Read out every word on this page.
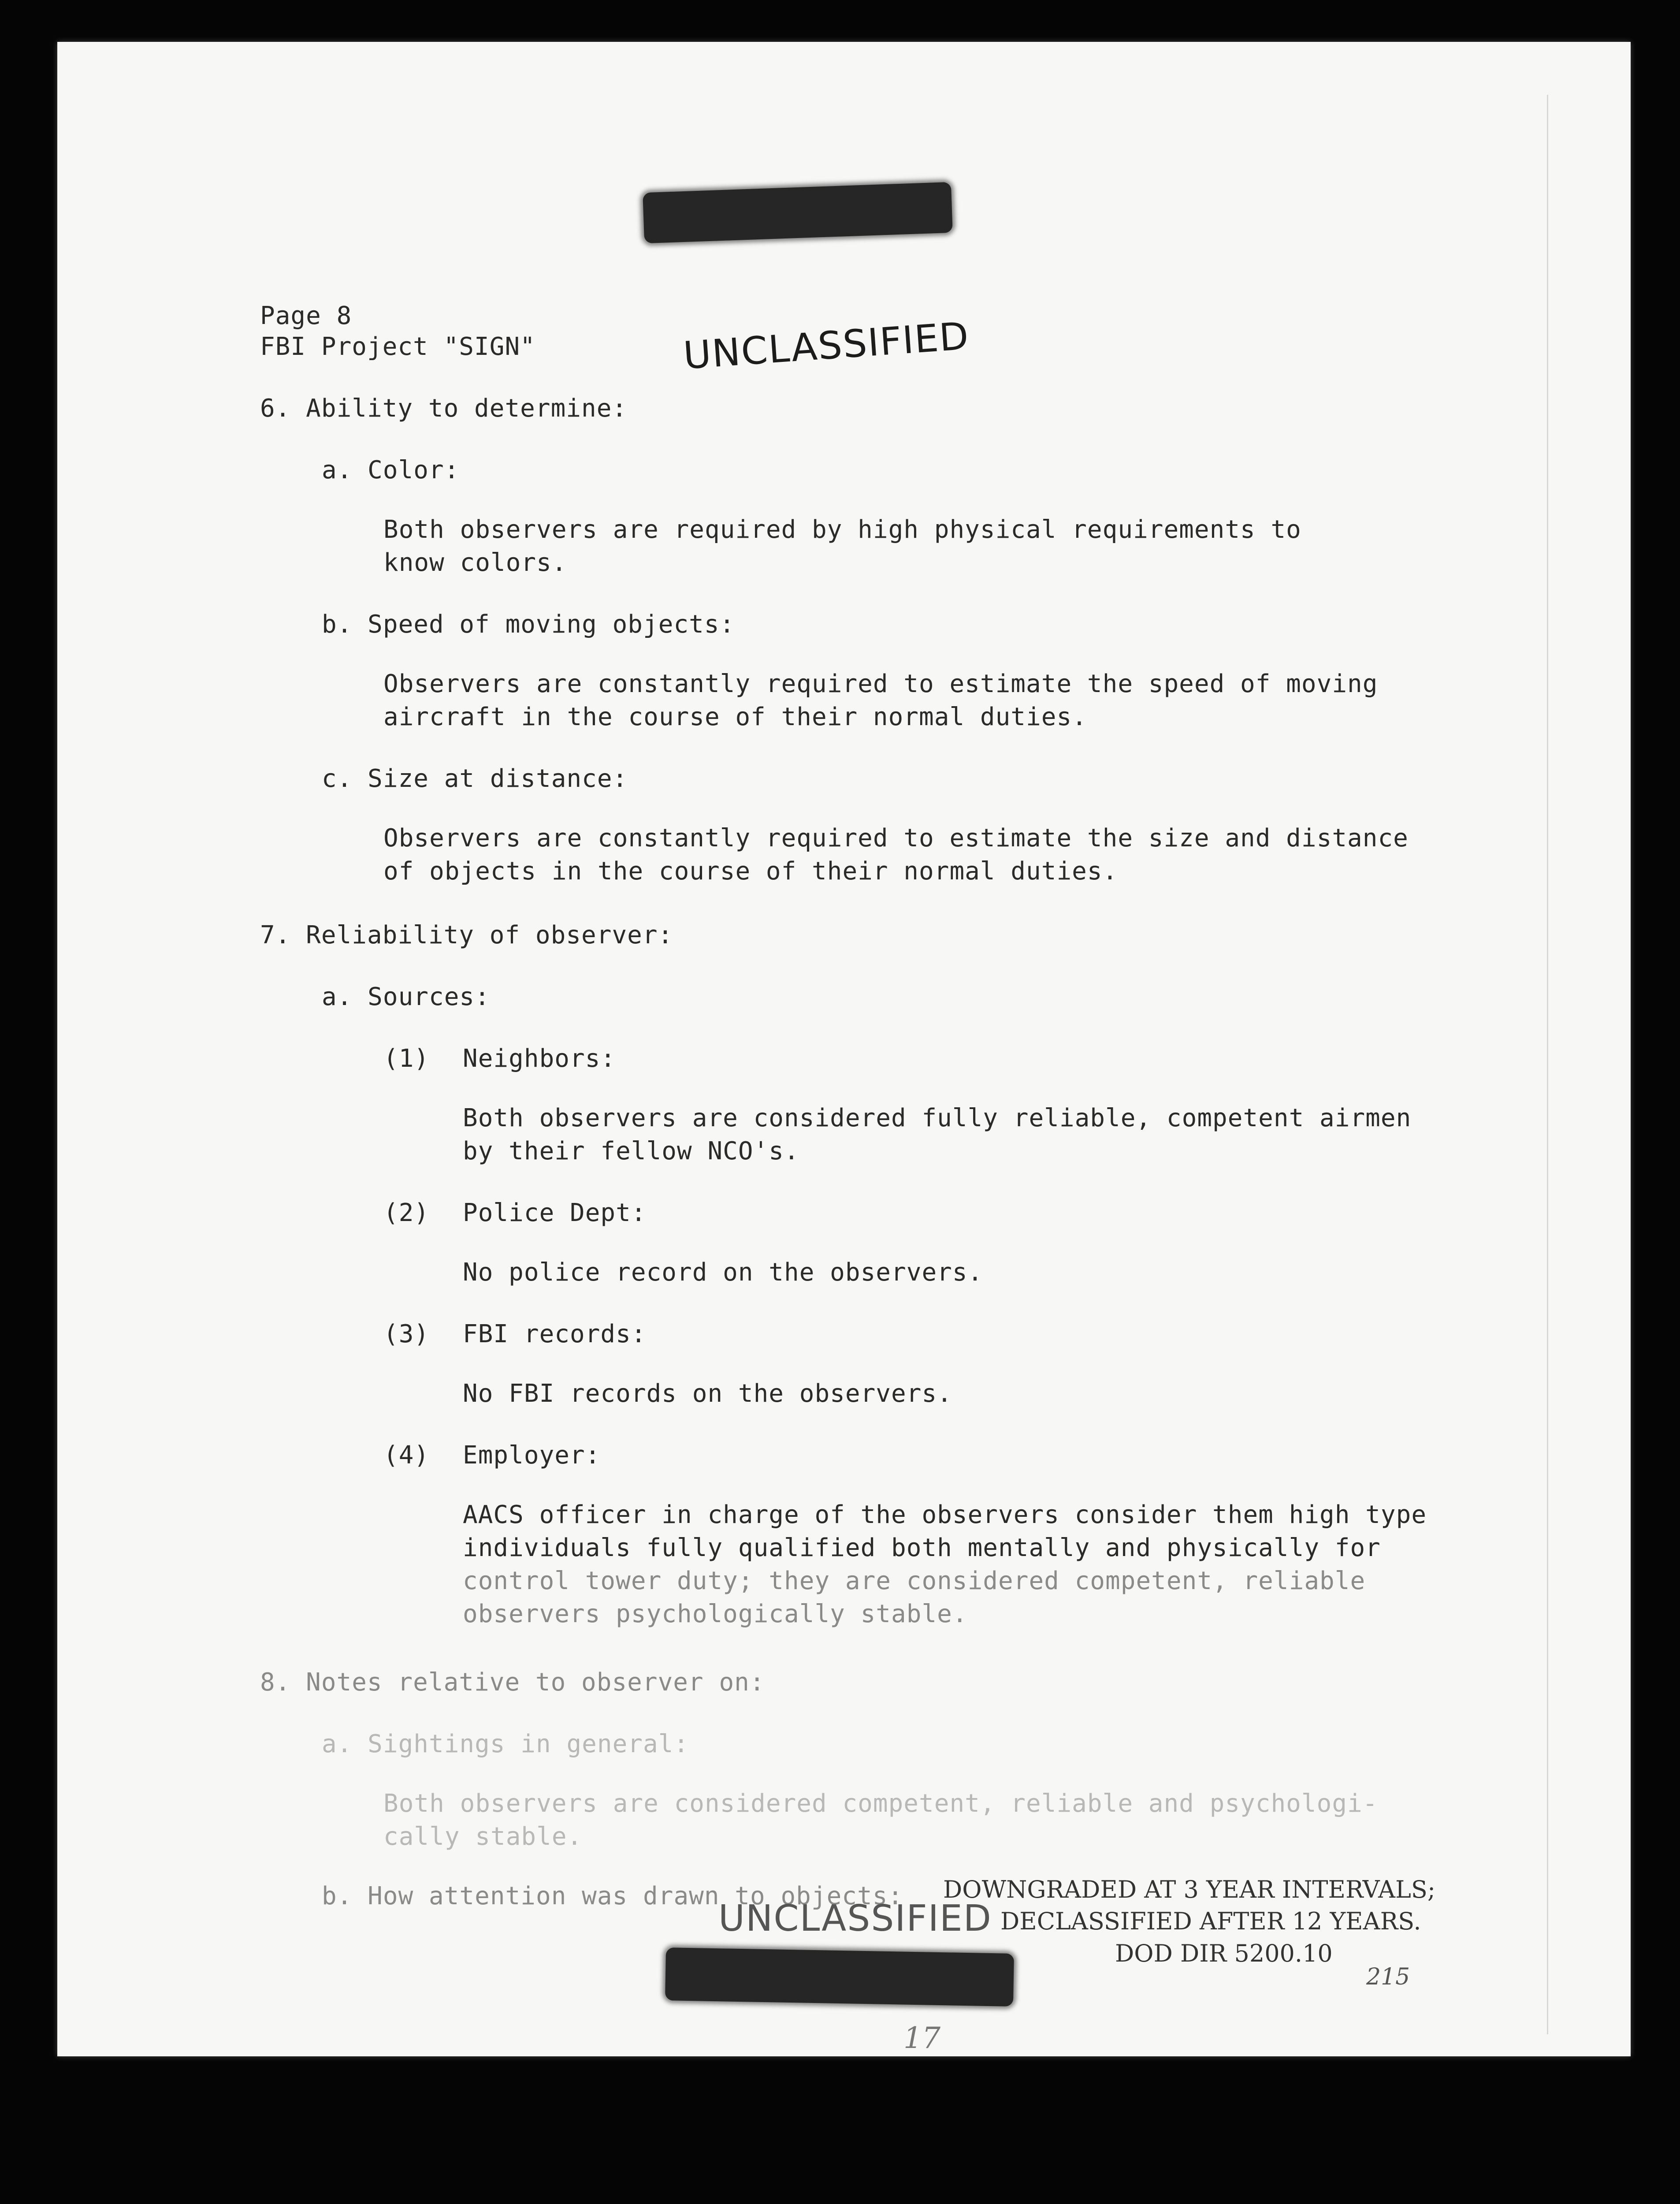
Page 8
FBI Project "SIGN"	UNCLASSIFIED
6. Ability to determine:
a. Color:
Both observers are required by high physical requirements to
know colors.
b. Speed of moving objects:
Observers are constantly required to estimate the speed of moving
aircraft in the course of their normal duties.
c. Size at distance:
Observers are constantly required to estimate the size and distance
of objects in the course of their normal duties.
7. Reliability of observer:
a. Sources:
(1) Neighbors:
Both observers are considered fully reliable, competent airmen
by their fellow NCO's.
(2) Police Dept:
No police record on the observers.
(3) FBI records:
No FBI records on the observers.
(4) Employer:
AACS officer in charge of the observers consider them high type
individuals fully qualified both mentally and physically for
control tower duty; they are considered competent, reliable
observers psychologically stable.
8. Notes relative to observer on:
a. Sightings in general:
Both observers are considered competent, reliable and psychologi-
cally stable.
b. How attention was drawn to objects: DOWNGRADED AT 3 YEAR INTERVALS;
DECLASSIFIED AFTER 12 YEARS.
DOD DIR 5200.10
UNCLASSIFIED
215
17
